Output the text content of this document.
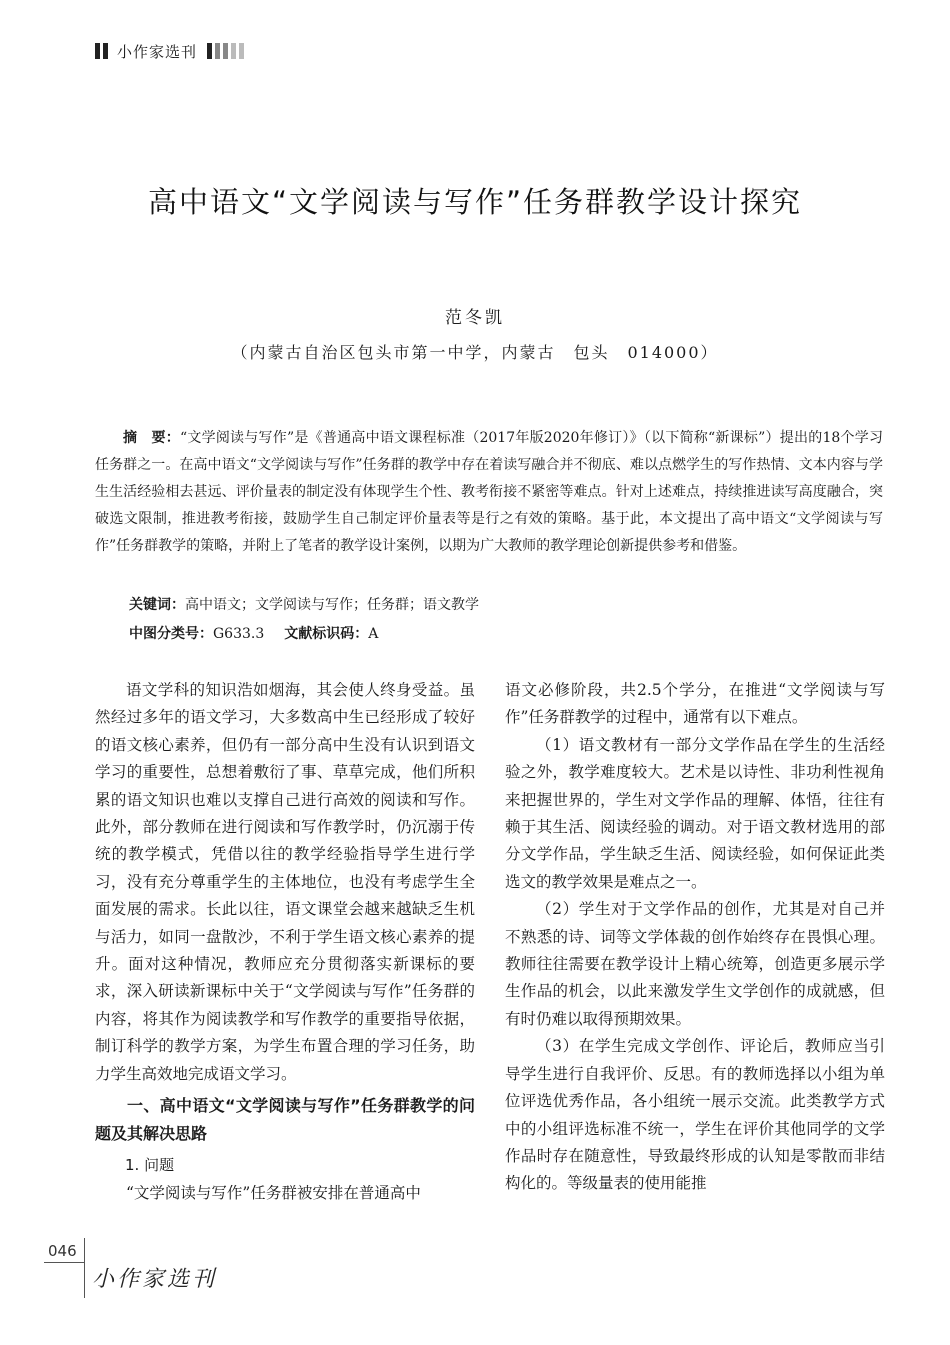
小作家选刊
高中语文“文学阅读与写作”任务群教学设计探究
范冬凯
（内蒙古自治区包头市第一中学，内蒙古　包头　014000）

摘　要：“文学阅读与写作”是《普通高中语文课程标准（2017年版2020年修订）》（以下简称“新课标”）提出的18个学习任务群之一。在高中语文“文学阅读与写作”任务群的教学中存在着读写融合并不彻底、难以点燃学生的写作热情、文本内容与学生生活经验相去甚远、评价量表的制定没有体现学生个性、教考衔接不紧密等难点。针对上述难点，持续推进读写高度融合，突破选文限制，推进教考衔接，鼓励学生自己制定评价量表等是行之有效的策略。基于此，本文提出了高中语文“文学阅读与写作”任务群教学的策略，并附上了笔者的教学设计案例，以期为广大教师的教学理论创新提供参考和借鉴。

关键词：高中语文；文学阅读与写作；任务群；语文教学
中图分类号：G633.3 文献标识码：A

语文学科的知识浩如烟海，其会使人终身受益。虽然经过多年的语文学习，大多数高中生已经形成了较好的语文核心素养，但仍有一部分高中生没有认识到语文学习的重要性，总想着敷衍了事、草草完成，他们所积累的语文知识也难以支撑自己进行高效的阅读和写作。此外，部分教师在进行阅读和写作教学时，仍沉溺于传统的教学模式，凭借以往的教学经验指导学生进行学习，没有充分尊重学生的主体地位，也没有考虑学生全面发展的需求。长此以往，语文课堂会越来越缺乏生机与活力，如同一盘散沙，不利于学生语文核心素养的提升。面对这种情况，教师应充分贯彻落实新课标的要求，深入研读新课标中关于“文学阅读与写作”任务群的内容，将其作为阅读教学和写作教学的重要指导依据，制订科学的教学方案，为学生布置合理的学习任务，助力学生高效地完成语文学习。

一、高中语文“文学阅读与写作”任务群教学的问题及其解决思路
1. 问题

“文学阅读与写作”任务群被安排在普通高中

语文必修阶段，共2.5个学分，在推进“文学阅读与写作”任务群教学的过程中，通常有以下难点。

（1）语文教材有一部分文学作品在学生的生活经验之外，教学难度较大。艺术是以诗性、非功利性视角来把握世界的，学生对文学作品的理解、体悟，往往有赖于其生活、阅读经验的调动。对于语文教材选用的部分文学作品，学生缺乏生活、阅读经验，如何保证此类选文的教学效果是难点之一。

（2）学生对于文学作品的创作，尤其是对自己并不熟悉的诗、词等文学体裁的创作始终存在畏惧心理。教师往往需要在教学设计上精心统筹，创造更多展示学生作品的机会，以此来激发学生文学创作的成就感，但有时仍难以取得预期效果。

（3）在学生完成文学创作、评论后，教师应当引导学生进行自我评价、反思。有的教师选择以小组为单位评选优秀作品，各小组统一展示交流。此类教学方式中的小组评选标准不统一，学生在评价其他同学的文学作品时存在随意性，导致最终形成的认知是零散而非结构化的。等级量表的使用能推

046
小作家选刊
